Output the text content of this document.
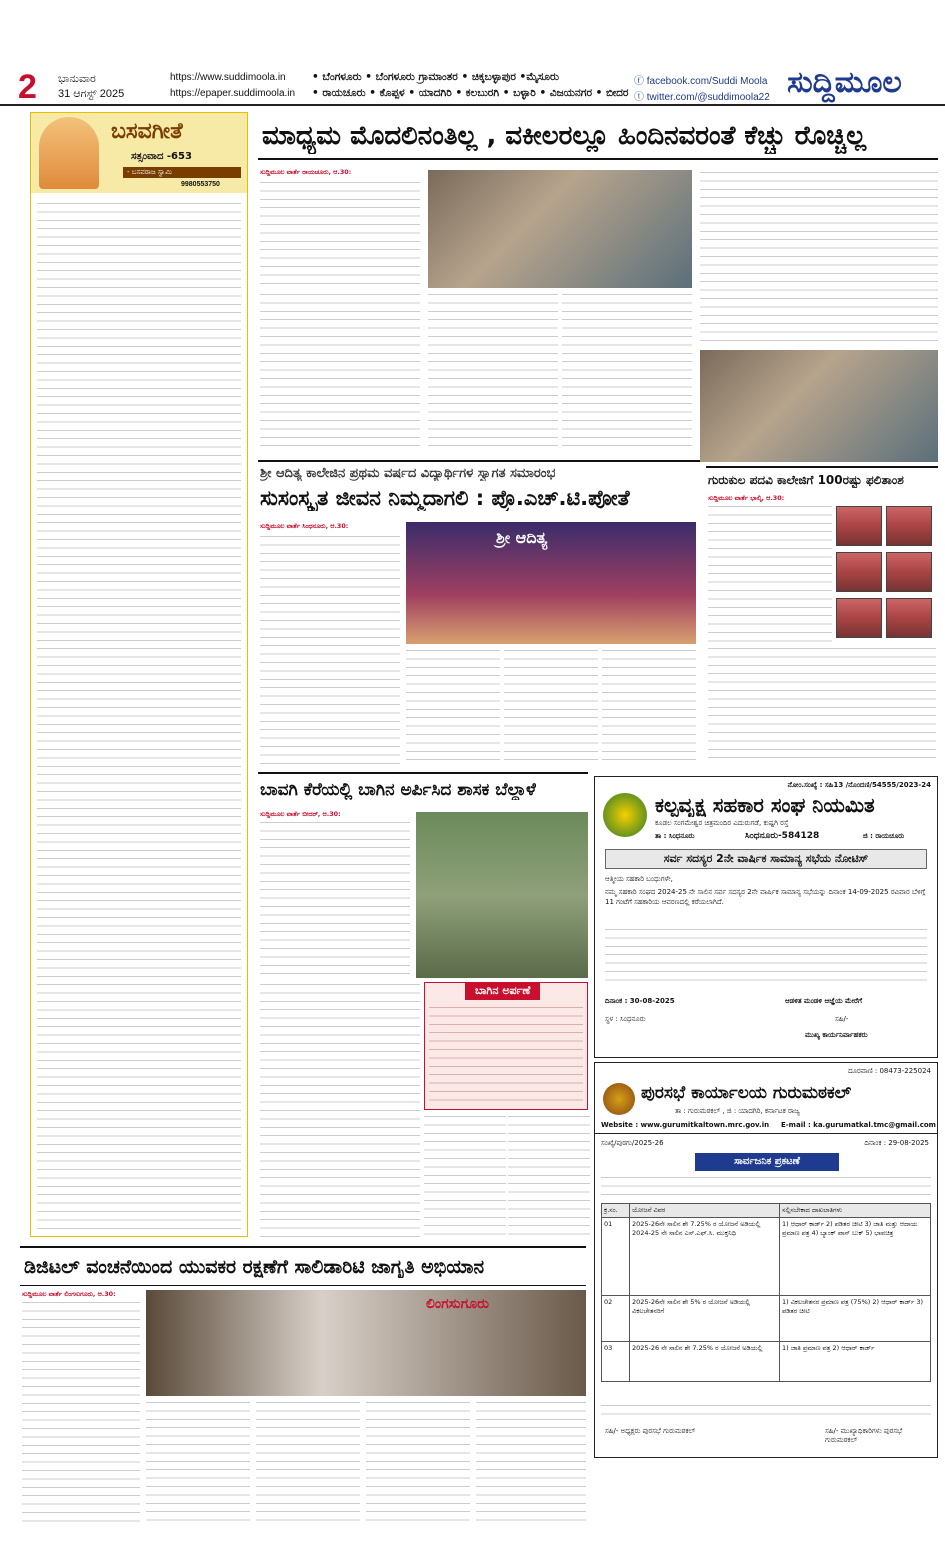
2 ಭಾನುವಾರ
31 ಆಗಸ್ಟ್ 2025
https://www.suddimoola.in
https://epaper.suddimoola.in
• ಬೆಂಗಳೂರು • ಬೆಂಗಳೂರು ಗ್ರಾಮಾಂತರ • ಚಿಕ್ಕಬಳ್ಳಾಪುರ •ಮೈಸೂರು
• ರಾಯಚೂರು • ಕೊಪ್ಪಳ • ಯಾದಗಿರಿ • ಕಲಬುರಗಿ • ಬಳ್ಳಾರಿ • ವಿಜಯನಗರ • ಬೀದರ
ⓕ facebook.com/Suddi Moola
ⓣ twitter.com/@suddimoola22 ಸುದ್ದಿಮೂಲ
ಬಸವಗೀತೆ
ಸತ್ಸಂವಾದ -653
- ಬಸವರಾಜ ಸ್ವಾಮಿ
9980553750
ಮಾಧ್ಯಮ ಮೊದಲಿನಂತಿಲ್ಲ , ವಕೀಲರಲ್ಲೂ ಹಿಂದಿನವರಂತೆ ಕೆಚ್ಚು ರೊಚ್ಚಿಲ್ಲ
ಸುದ್ದಿಮೂಲ ವಾರ್ತೆ ರಾಯಚೂರು, ಆ.30:
ಶ್ರೀ ಆದಿತ್ಯ ಕಾಲೇಜಿನ ಪ್ರಥಮ ವರ್ಷದ ವಿದ್ಯಾರ್ಥಿಗಳ ಸ್ವಾಗತ ಸಮಾರಂಭ
ಸುಸಂಸ್ಕೃತ ಜೀವನ ನಿಮ್ಮದಾಗಲಿ : ಪ್ರೊ.ಎಚ್.ಟಿ.ಪೋತೆ
ಸುದ್ದಿಮೂಲ ವಾರ್ತೆ ಸಿಂಧನೂರು, ಆ.30:
ಶ್ರೀ ಆದಿತ್ಯ
ಗುರುಕುಲ ಪದವಿ ಕಾಲೇಜಿಗೆ 100ರಷ್ಟು ಫಲಿತಾಂಶ
ಸುದ್ದಿಮೂಲ ವಾರ್ತೆ ಭಾಲ್ಕಿ, ಆ.30:
ಬಾವಗಿ ಕೆರೆಯಲ್ಲಿ ಬಾಗಿನ ಅರ್ಪಿಸಿದ ಶಾಸಕ ಬೆಲ್ದಾಳೆ
ಸುದ್ದಿಮೂಲ ವಾರ್ತೆ ಬೀದರ್, ಆ.30:
ಬಾಗಿನ ಅರ್ಪಣೆ
ನೋಂ.ಸಂಖ್ಯೆ : ಸಹಿ13 /ನೊಂದಣಿ/54555/2023-24
ಕಲ್ಪವೃಕ್ಷ ಸಹಕಾರ ಸಂಘ ನಿಯಮಿತ
ಕೂಡಲ ಸಂಗಮೇಶ್ವರ ಚಿತ್ರಮಂದಿರ ಎದುರುಗಡೆ, ಕುಷ್ಟಗಿ ರಸ್ತೆ
ತಾ : ಸಿಂಧನೂರು	ಸಿಂಧನೂರು-584128	ಜಿ : ರಾಯಚೂರು
ಸರ್ವ ಸದಸ್ಯರ 2ನೇ ವಾರ್ಷಿಕ ಸಾಮಾನ್ಯ ಸಭೆಯ ನೋಟಿಸ್
ಆತ್ಮೀಯ ಸಹಕಾರಿ ಬಂಧುಗಳೇ,
ನಮ್ಮ ಸಹಕಾರಿ ಸಂಘದ 2024-25 ನೇ ಸಾಲಿನ ಸರ್ವ ಸದಸ್ಯರ 2ನೇ ವಾರ್ಷಿಕ ಸಾಮಾನ್ಯ ಸಭೆಯನ್ನು ದಿನಾಂಕ 14-09-2025 ರವಿವಾರ ಬೆಳಿಗ್ಗೆ 11 ಗಂಟೆಗೆ ಸಹಕಾರಿಯ ಆವರಣದಲ್ಲಿ ಕರೆಯಲಾಗಿದೆ.
ದಿನಾಂಕ : 30-08-2025	ಆಡಳಿತ ಮಂಡಳಿ ಆಜ್ಞೆಯ ಮೇರೆಗೆ
ಸ್ಥಳ : ಸಿಂಧನೂರು	ಸಹಿ/-
ಮುಖ್ಯ ಕಾರ್ಯನಿರ್ವಾಹಕರು
ದೂರವಾಣಿ : 08473-225024
ಪುರಸಭೆ ಕಾರ್ಯಾಲಯ ಗುರುಮಠಕಲ್
ತಾ : ಗುರುಮಠಕಲ್ , ಜಿ : ಯಾದಗಿರಿ, ಕರ್ನಾಟಕ ರಾಜ್ಯ
Website : www.gurumitkaltown.mrc.gov.in E-mail : ka.gurumatkal.tmc@gmail.com
ಸಂಖ್ಯೆ/ಪುಠಗು/2025-26	ದಿನಾಂಕ : 29-08-2025
ಸಾರ್ವಜನಿಕ ಪ್ರಕಟಣೆ
ಕ್ರ.ಸಂ.	ಯೋಜನೆ ವಿವರ	ಸಲ್ಲಿಸಬೇಕಾದ ದಾಖಲಾತಿಗಳು
01	2025-26ನೇ ಸಾಲಿನ ಶೇ 7.25% ರ ಯೋಜನೆ ಅಡಿಯಲ್ಲಿ 2024-25 ನೇ ಸಾಲಿನ ಎಸ್.ಎಫ್.ಸಿ. ಮುಕ್ತನಿಧಿ	1) ಆಧಾರ್ ಕಾರ್ಡ್ 2) ಪಡಿತರ ಚೀಟಿ 3) ಜಾತಿ ಮತ್ತು ಆದಾಯ ಪ್ರಮಾಣ ಪತ್ರ 4) ಬ್ಯಾಂಕ್ ಪಾಸ್ ಬುಕ್ 5) ಭಾವಚಿತ್ರ
02	2025-26ನೇ ಸಾಲಿನ ಶೇ 5% ರ ಯೋಜನೆ ಅಡಿಯಲ್ಲಿ ವಿಕಲಚೇತನರಿಗೆ	1) ವಿಕಲಚೇತನರ ಪ್ರಮಾಣ ಪತ್ರ (75%) 2) ಆಧಾರ್ ಕಾರ್ಡ್ 3) ಪಡಿತರ ಚೀಟಿ
03	2025-26 ನೇ ಸಾಲಿನ ಶೇ 7.25% ರ ಯೋಜನೆ ಅಡಿಯಲ್ಲಿ	1) ಜಾತಿ ಪ್ರಮಾಣ ಪತ್ರ 2) ಆಧಾರ್ ಕಾರ್ಡ್
ಸಹಿ/- ಅಧ್ಯಕ್ಷರು ಪುರಸಭೆ ಗುರುಮಠಕಲ್	ಸಹಿ/- ಮುಖ್ಯಾಧಿಕಾರಿಗಳು ಪುರಸಭೆ ಗುರುಮಠಕಲ್
ಡಿಜಿಟಲ್ ವಂಚನೆಯಿಂದ ಯುವಕರ ರಕ್ಷಣೆಗೆ ಸಾಲಿಡಾರಿಟಿ ಜಾಗೃತಿ ಅಭಿಯಾನ
ಸುದ್ದಿಮೂಲ ವಾರ್ತೆ ಲಿಂಗಸುಗೂರು, ಆ.30:
ಲಿಂಗಸುಗೂರು
